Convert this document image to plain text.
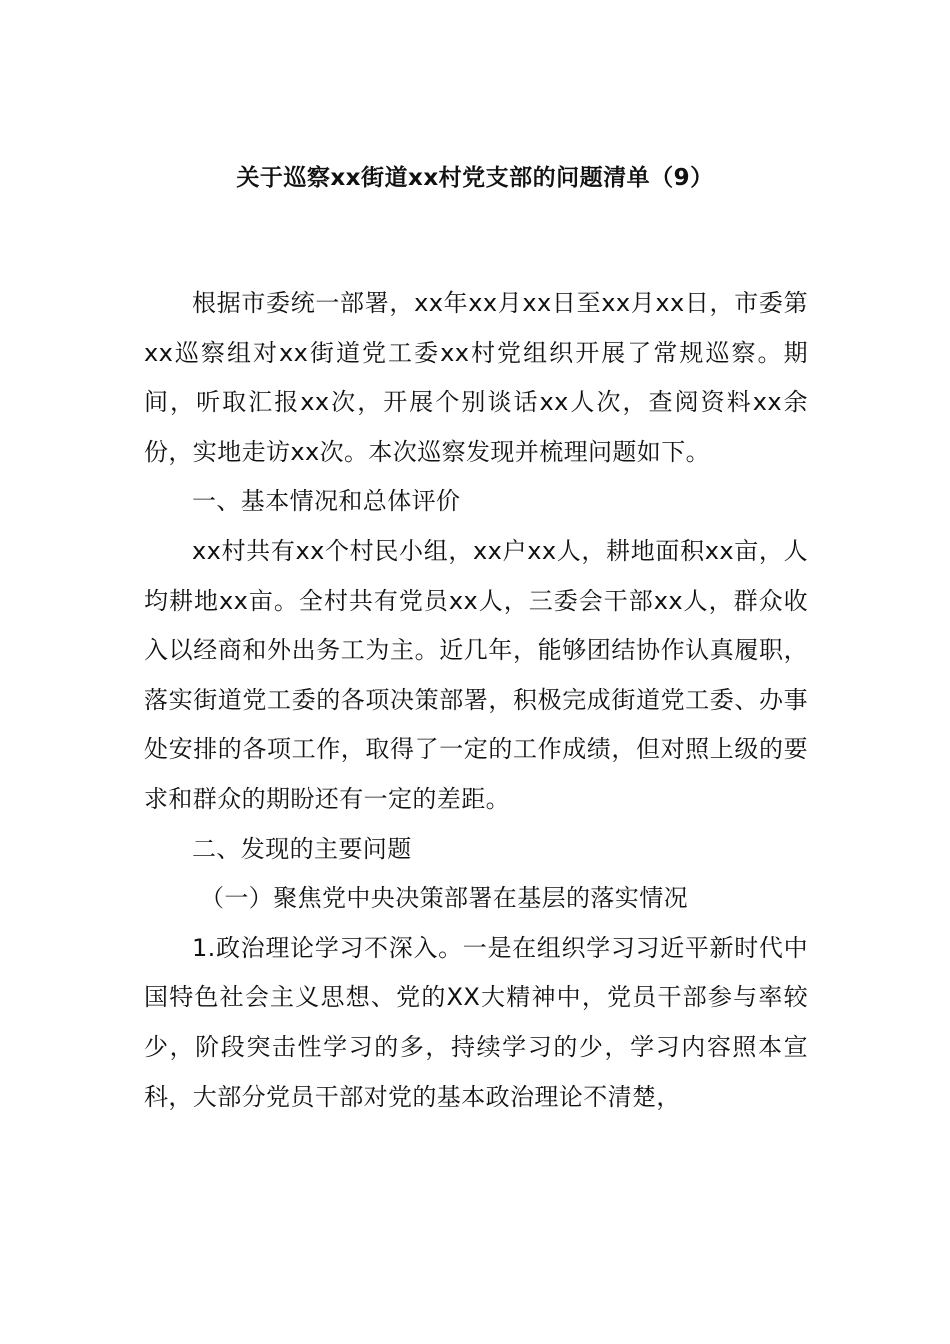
关于巡察xx街道xx村党支部的问题清单（9）

根据市委统一部署，xx年xx月xx日至xx月xx日，市委第xx巡察组对xx街道党工委xx村党组织开展了常规巡察。期间，听取汇报xx次，开展个别谈话xx人次，查阅资料xx余份，实地走访xx次。本次巡察发现并梳理问题如下。

一、基本情况和总体评价

xx村共有xx个村民小组，xx户xx人，耕地面积xx亩，人均耕地xx亩。全村共有党员xx人，三委会干部xx人，群众收入以经商和外出务工为主。近几年，能够团结协作认真履职，落实街道党工委的各项决策部署，积极完成街道党工委、办事处安排的各项工作，取得了一定的工作成绩，但对照上级的要求和群众的期盼还有一定的差距。

二、发现的主要问题

（一）聚焦党中央决策部署在基层的落实情况

1.政治理论学习不深入。一是在组织学习习近平新时代中国特色社会主义思想、党的XX大精神中，党员干部参与率较少，阶段突击性学习的多，持续学习的少，学习内容照本宣科，大部分党员干部对党的基本政治理论不清楚，
